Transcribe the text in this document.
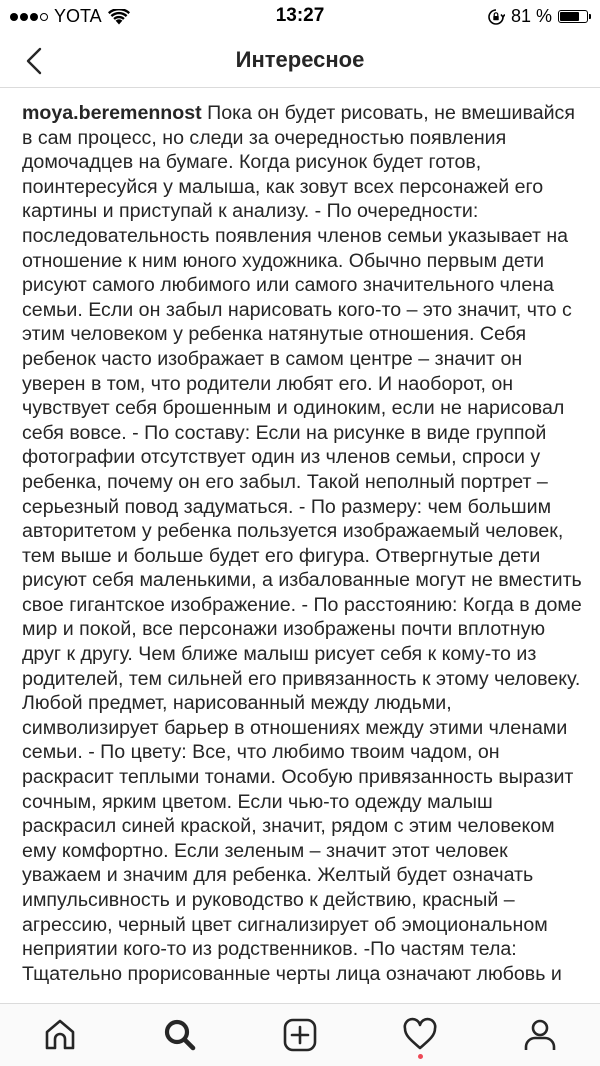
YOTA	13:27	81 %
Интересное
moya.beremennost Пока он будет рисовать, не вмешивайся в сам процесс, но следи за очередностью появления домочадцев на бумаге. Когда рисунок будет готов, поинтересуйся у малыша, как зовут всех персонажей его картины и приступай к анализу. - По очередности: последовательность появления членов семьи указывает на отношение к ним юного художника. Обычно первым дети рисуют самого любимого или самого значительного члена семьи. Если он забыл нарисовать кого-то – это значит, что с этим человеком у ребенка натянутые отношения. Себя ребенок часто изображает в самом центре – значит он уверен в том, что родители любят его. И наоборот, он чувствует себя брошенным и одиноким, если не нарисовал себя вовсе. - По составу: Если на рисунке в виде группой фотографии отсутствует один из членов семьи, спроси у ребенка, почему он его забыл. Такой неполный портрет – серьезный повод задуматься. - По размеру: чем большим авторитетом у ребенка пользуется изображаемый человек, тем выше и больше будет его фигура. Отвергнутые дети рисуют себя маленькими, а избалованные могут не вместить свое гигантское изображение. - По расстоянию: Когда в доме мир и покой, все персонажи изображены почти вплотную друг к другу. Чем ближе малыш рисует себя к кому-то из родителей, тем сильней его привязанность к этому человеку. Любой предмет, нарисованный между людьми, символизирует барьер в отношениях между этими членами семьи. - По цвету: Все, что любимо твоим чадом, он раскрасит теплыми тонами. Особую привязанность выразит сочным, ярким цветом. Если чью-то одежду малыш раскрасил синей краской, значит, рядом с этим человеком ему комфортно. Если зеленым – значит этот человек уважаем и значим для ребенка. Желтый будет означать импульсивность и руководство к действию, красный – агрессию, черный цвет сигнализирует об эмоциональном неприятии кого-то из родственников. -По частям тела: Тщательно прорисованные черты лица означают любовь и
